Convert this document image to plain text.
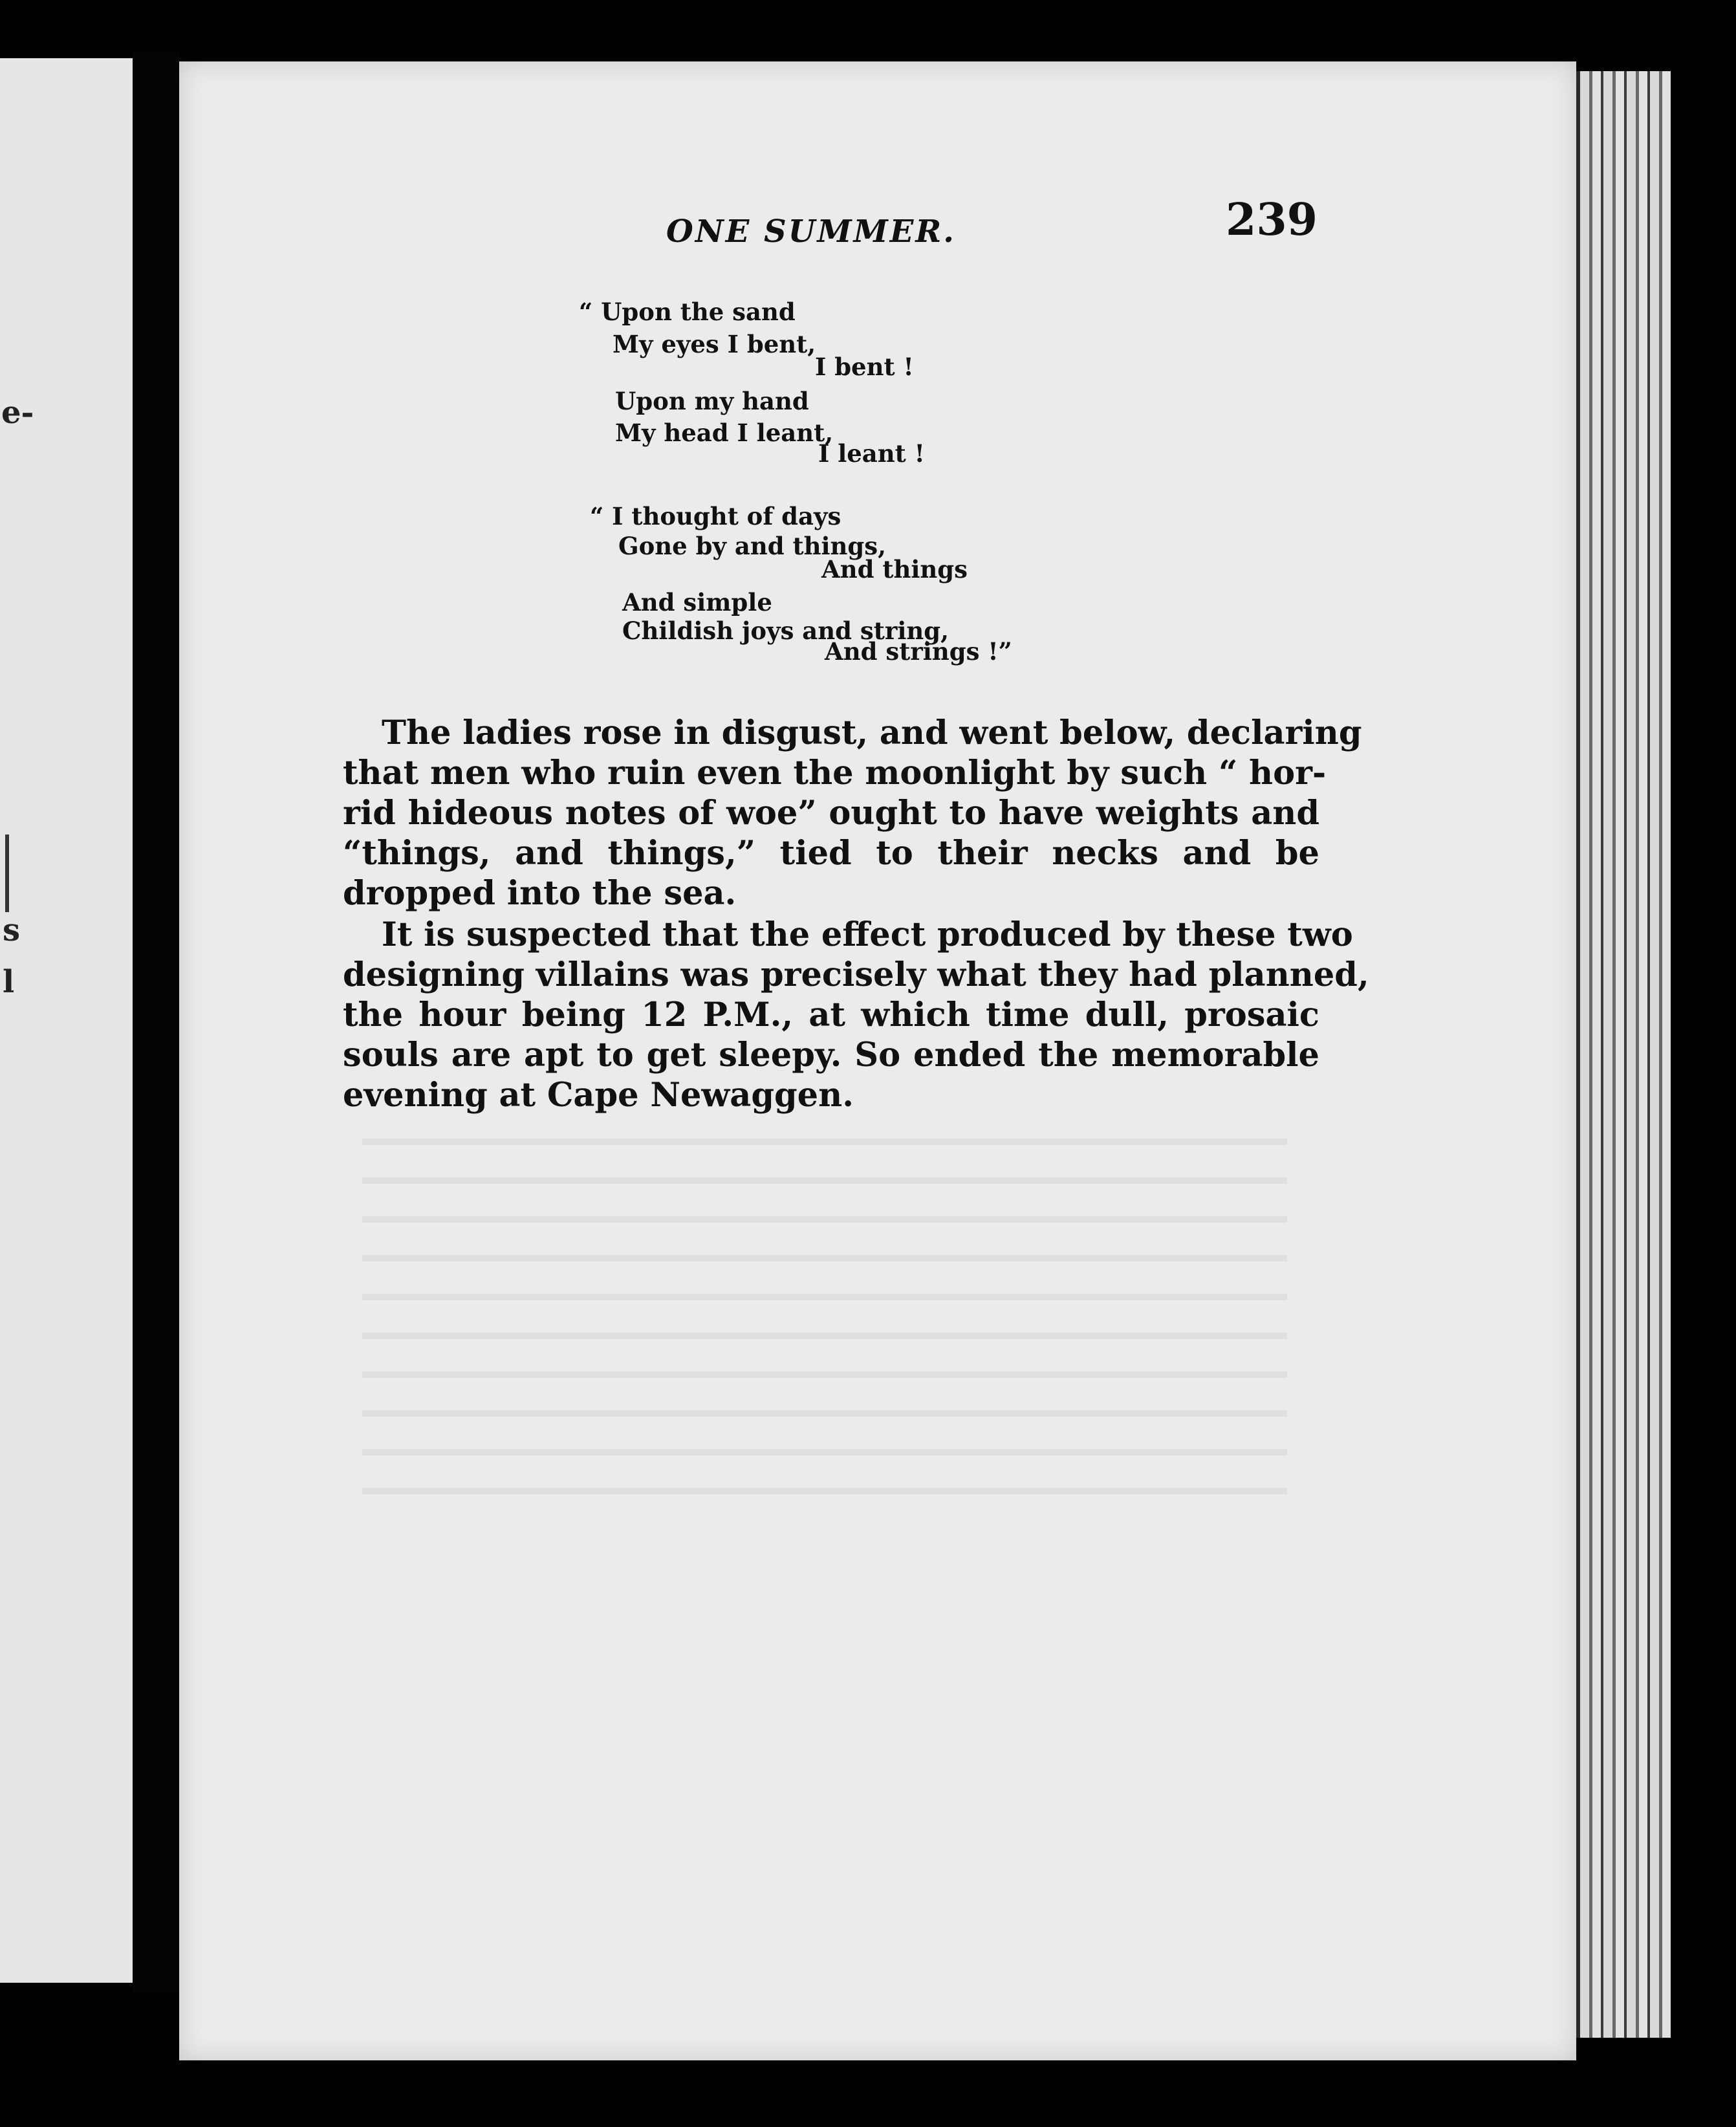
e-
s
l
ONE SUMMER.	239
“ Upon the sand
My eyes I bent,
I bent !
Upon my hand
My head I leant,
I leant !
“ I thought of days
Gone by and things,
And things
And simple
Childish joys and string,
And strings !”
The ladies rose in disgust, and went below, declaring
that men who ruin even the moonlight by such “ hor-
rid hideous notes of woe” ought to have weights and
“things, and things,” tied to their necks and be
dropped into the sea.
It is suspected that the effect produced by these two
designing villains was precisely what they had planned,
the hour being 12 P.M., at which time dull, prosaic
souls are apt to get sleepy. So ended the memorable
evening at Cape Newaggen.
